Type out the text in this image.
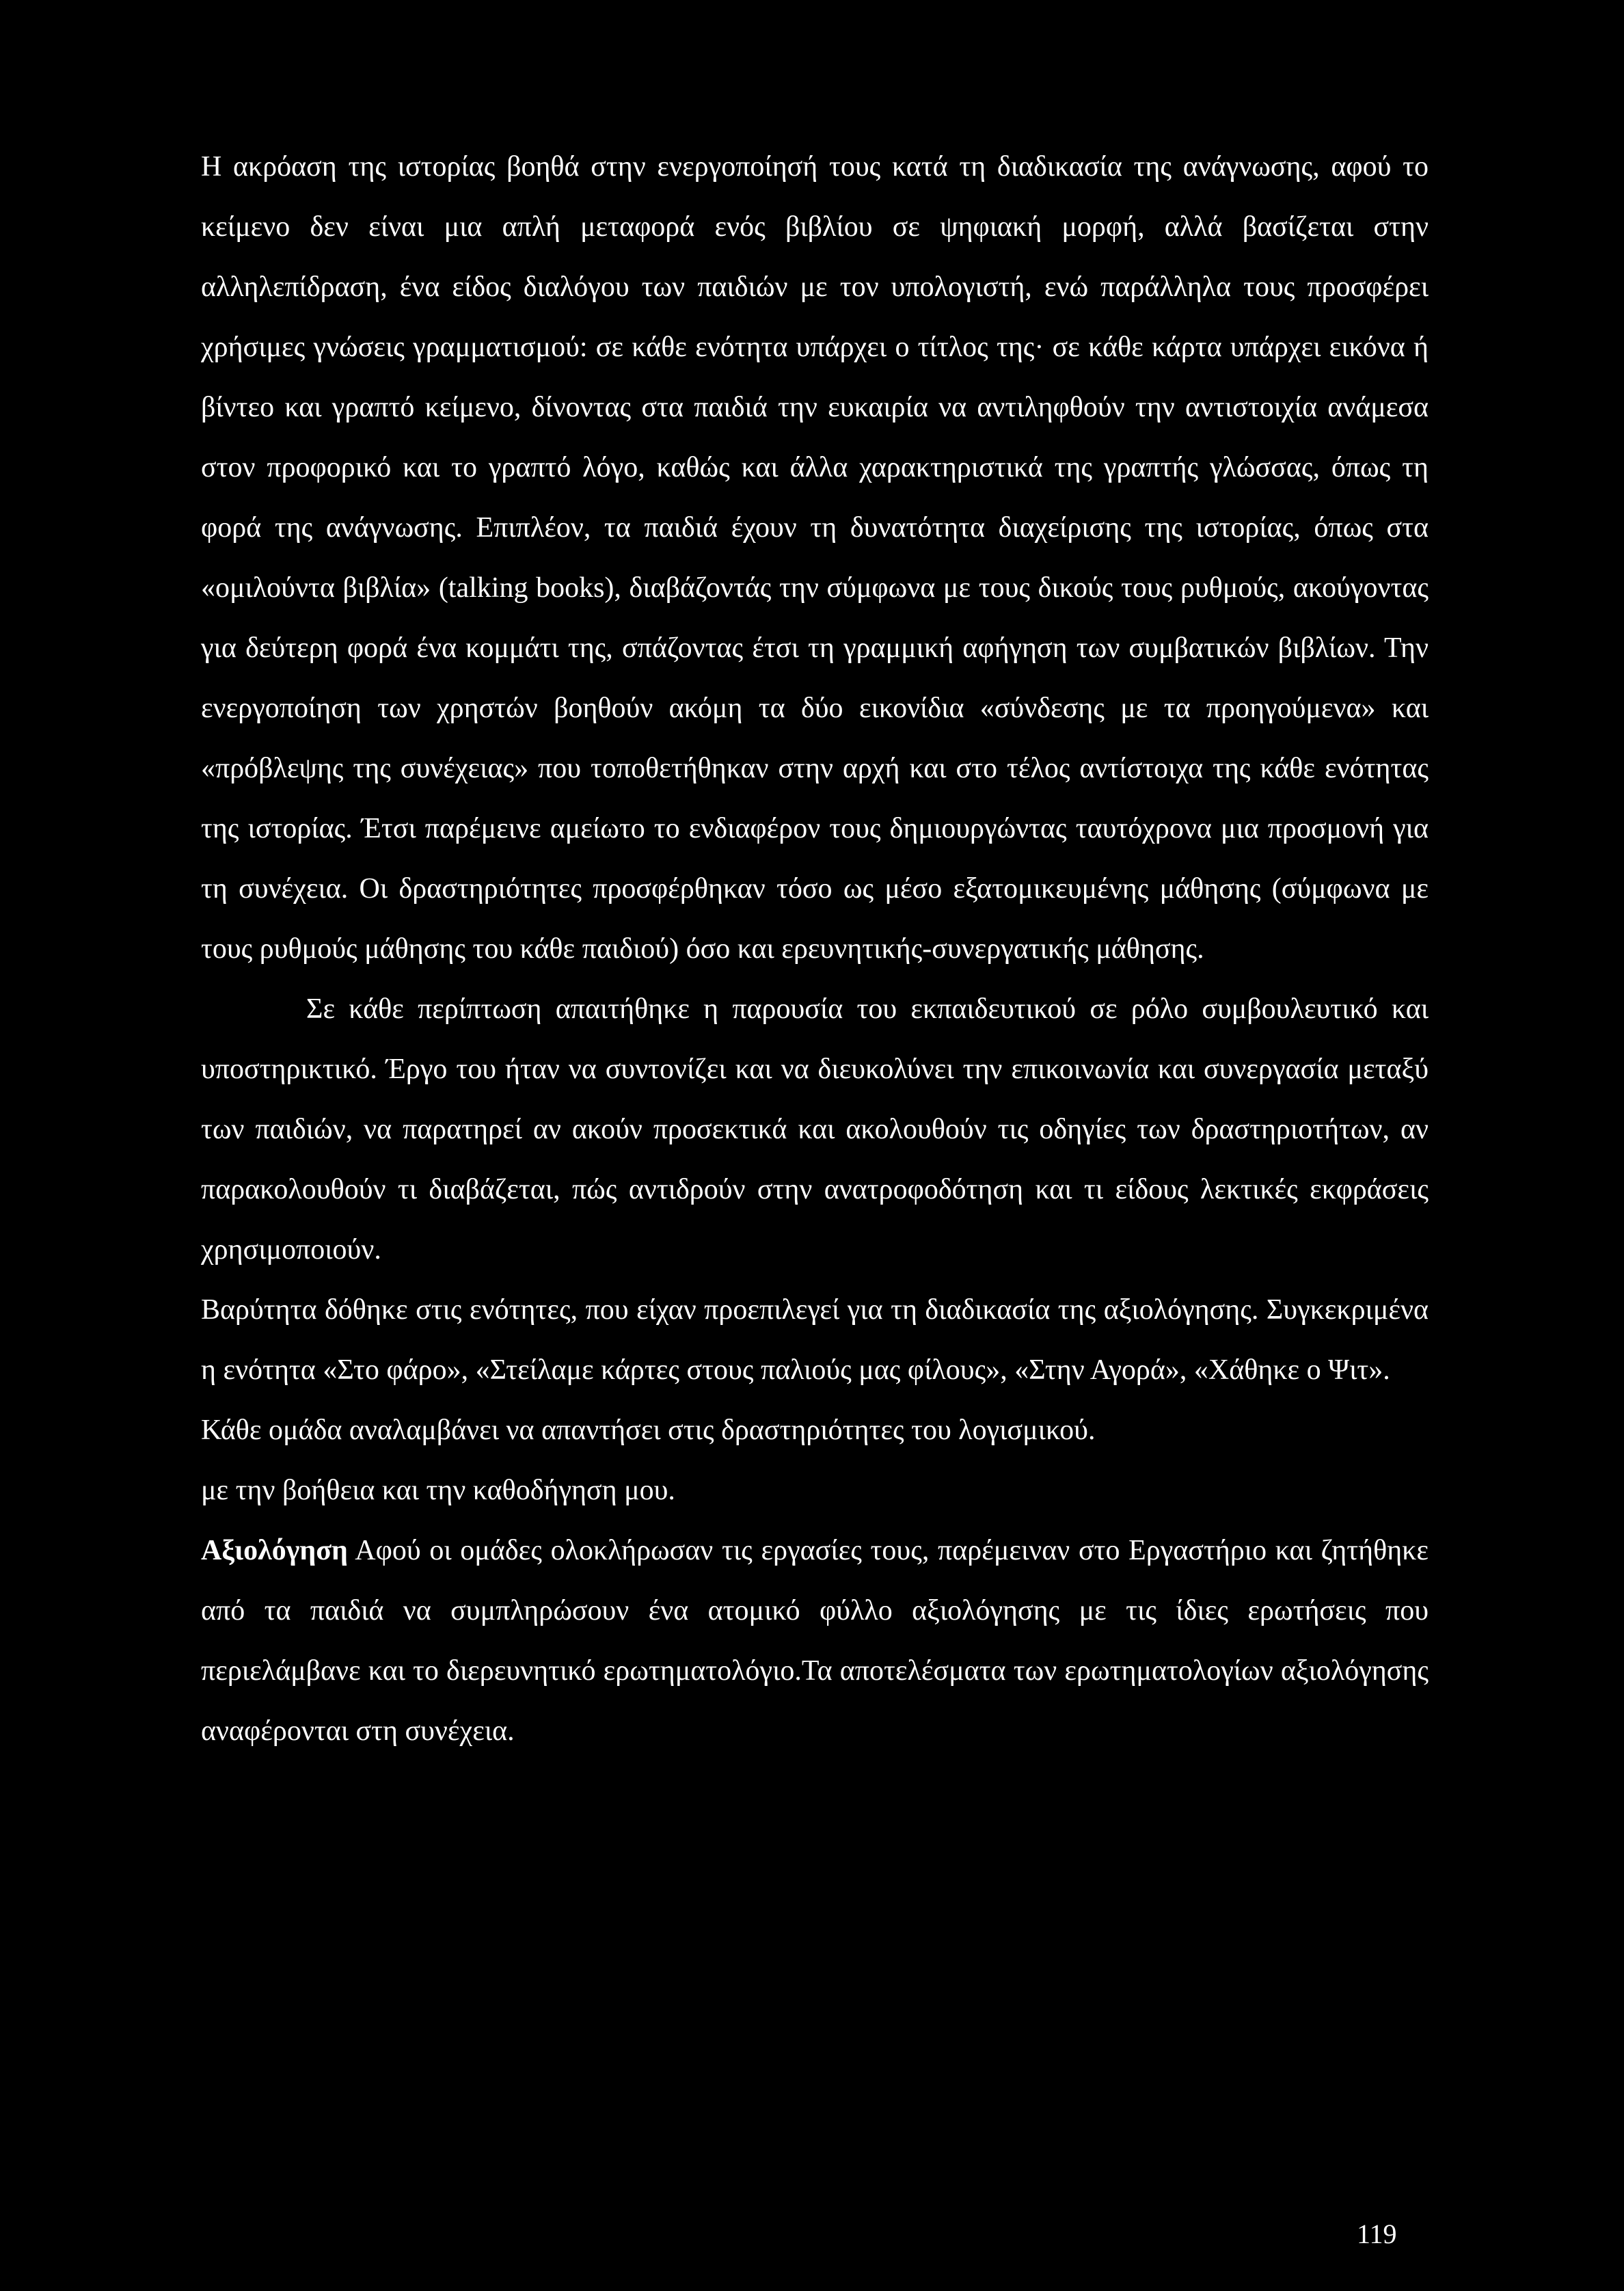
Η ακρόαση της ιστορίας βοηθά στην ενεργοποίησή τους κατά τη διαδικασία της ανάγνωσης, αφού το κείμενο δεν είναι μια απλή μεταφορά ενός βιβλίου σε ψηφιακή μορφή, αλλά βασίζεται στην αλληλεπίδραση, ένα είδος διαλόγου των παιδιών με τον υπολογιστή, ενώ παράλληλα τους προσφέρει χρήσιμες γνώσεις γραμματισμού: σε κάθε ενότητα υπάρχει ο τίτλος της· σε κάθε κάρτα υπάρχει εικόνα ή βίντεο και γραπτό κείμενο, δίνοντας στα παιδιά την ευκαιρία να αντιληφθούν την αντιστοιχία ανάμεσα στον προφορικό και το γραπτό λόγο, καθώς και άλλα χαρακτηριστικά της γραπτής γλώσσας, όπως τη φορά της ανάγνωσης. Επιπλέον, τα παιδιά έχουν τη δυνατότητα διαχείρισης της ιστορίας, όπως στα «ομιλούντα βιβλία» (talking books), διαβάζοντάς την σύμφωνα με τους δικούς τους ρυθμούς, ακούγοντας για δεύτερη φορά ένα κομμάτι της, σπάζοντας έτσι τη γραμμική αφήγηση των συμβατικών βιβλίων. Την ενεργοποίηση των χρηστών βοηθούν ακόμη τα δύο εικονίδια «σύνδεσης με τα προηγούμενα» και «πρόβλεψης της συνέχειας» που τοποθετήθηκαν στην αρχή και στο τέλος αντίστοιχα της κάθε ενότητας της ιστορίας. Έτσι παρέμεινε αμείωτο το ενδιαφέρον τους δημιουργώντας ταυτόχρονα μια προσμονή για τη συνέχεια. Οι δραστηριότητες προσφέρθηκαν τόσο ως μέσο εξατομικευμένης μάθησης (σύμφωνα με τους ρυθμούς μάθησης του κάθε παιδιού) όσο και ερευνητικής-συνεργατικής μάθησης.

Σε κάθε περίπτωση απαιτήθηκε η παρουσία του εκπαιδευτικού σε ρόλο συμβουλευτικό και υποστηρικτικό. Έργο του ήταν να συντονίζει και να διευκολύνει την επικοινωνία και συνεργασία μεταξύ των παιδιών, να παρατηρεί αν ακούν προσεκτικά και ακολουθούν τις οδηγίες των δραστηριοτήτων, αν παρακολουθούν τι διαβάζεται, πώς αντιδρούν στην ανατροφοδότηση και τι είδους λεκτικές εκφράσεις χρησιμοποιούν.

Βαρύτητα δόθηκε στις ενότητες, που είχαν προεπιλεγεί για τη διαδικασία της αξιολόγησης. Συγκεκριμένα η ενότητα «Στο φάρο», «Στείλαμε κάρτες στους παλιούς μας φίλους», «Στην Αγορά», «Χάθηκε ο Ψιτ».

Κάθε ομάδα αναλαμβάνει να απαντήσει στις δραστηριότητες του λογισμικού.

με την βοήθεια και την καθοδήγηση μου.

Αξιολόγηση Αφού οι ομάδες ολοκλήρωσαν τις εργασίες τους, παρέμειναν στο Εργαστήριο και ζητήθηκε από τα παιδιά να συμπληρώσουν ένα ατομικό φύλλο αξιολόγησης με τις ίδιες ερωτήσεις που περιελάμβανε και το διερευνητικό ερωτηματολόγιο.Τα αποτελέσματα των ερωτηματολογίων αξιολόγησης αναφέρονται στη συνέχεια.

119
